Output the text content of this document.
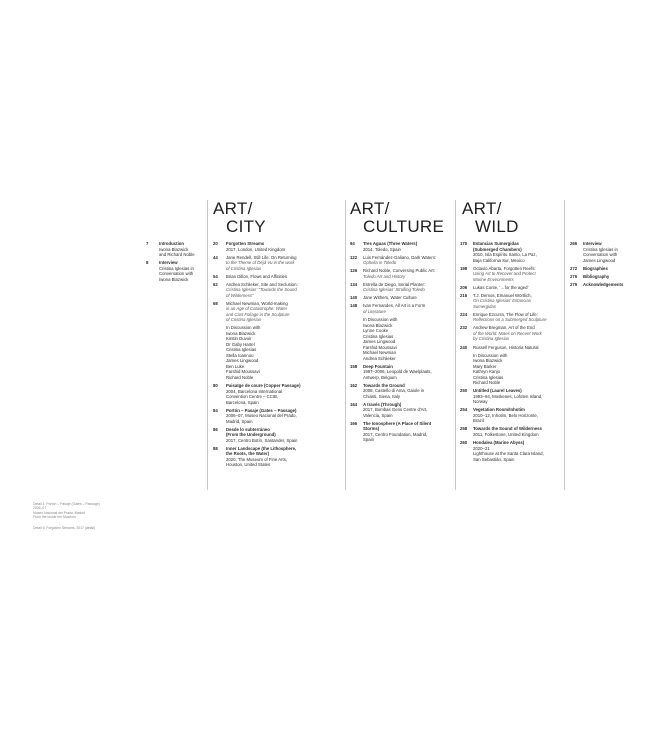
ART/
CITY
ART/
CULTURE
ART/
WILD
7	Introduction
Iwona Blazwick
and Richard Noble
8	Interview
Cristina Iglesias in
Conversation with
Iwona Blazwick
20	Forgotten Streams
2017, London, United Kingdom
44	Jane Rendell, Still Life. On Returning
to the Theme of Déjà Vu in the work
of Cristina Iglesias
54	Brian Dillon, Flows and Affinities
62	Andrea Schlieker, Site and Seclusion:
Cristina Iglesias' "Towards the Sound
of Wilderness"
68	Michael Newman, World-making
in an Age of Catastrophe: Water
and Cast Foliage in the Sculpture
of Cristina Iglesias
In Discussion with
Iwona Blazwick
Kirstin Duvoir
Dr Gaby Hartel
Cristina Iglesias
Stella Ioannou
James Lingwood
Ben Luke
Farshid Moussavi
Richard Noble
80	Paisatge de coure (Copper Passage)
2004, Barcelona International
Convention Centre – CCIB,
Barcelona, Spain
84	Portón – Pasaje (Gates – Passage)
2006–07, Museo Nacional del Prado,
Madrid, Spain
86	Desde lo subterráneo
(From the Underground)
2017, Centro Botín, Santander, Spain
88	Inner Landscape (the Lithosphere,
the Roots, the Water)
2020, The Museum of Fine Arts,
Houston, United States
94	Tres Aguas (Three Waters)
2014, Toledo, Spain
122	Luis Fernández-Galiano, Dark Waters:
Ophelia in Toledo
126	Richard Noble, Conversing Public Art:
Toledo Art and History
134	Estrella de Diego, Serial Planter:
Cristina Iglesias' Strolling Toledo
140	Jane Withers, Water Culture
148	Ivan Fernandes, All Art is a Form
of Literature
In Discussion with
Iwona Blazwick
Lynne Cooke
Cristina Iglesias
James Lingwood
Farshid Moussavi
Michael Newman
Andrea Schlieker
158	Deep Fountain
1997–2006, Leopold de Waelplaats,
Antwerp, Belgium
162	Towards the Ground
2008, Castello di Ama, Gaiole in
Chianti, Siena, Italy
164	A través (Through)
2017, Bombas Gens Centre d'Art,
Valencia, Spain
166	The Ionosphere (A Place of Silent
Storms)
2017, Centro Foundation, Madrid,
Spain
170	Estancias Sumergidas
(Submerged Chambers)
2010, Isla Espíritu Santo, La Paz,
Baja California Sur, Mexico
198	Octavio Abarta, Forgotten Reefs:
Using Art to Recover and Protect
Marine Environments
206	Lukas Conte, '…for the aged'
216	T.J. Demos, Emanuel Wörtlich,
On Cristina Iglesias' Estancias
Sumergidas
224	Enrique Ezcurra, The Flow of Life:
Reflections on a Submerged Sculpture
232	Andrew Bregman, Art of the End
of the World: Notes on Recent Work
by Cristina Iglesias
240	Russell Ferguson, Historia Natural
In Discussion with
Iwona Blazwick
Mary Barker
Kathryn Kanjo
Cristina Iglesias
Richard Noble
250	Untitled (Laurel Leaves)
1993–94, Moskenes, Lofoten Island,
Norway
254	Vegetation Room/Inhotim
2010–12, Inhotim, Belo Horizonte,
Brazil
258	Towards the Sound of Wilderness
2011, Folkestone, United Kingdom
260	Hondalea (Marine Abyss)
2020–21
Lighthouse at the Santa Clara Island,
San Sebastián, Spain
266	Interview
Cristina Iglesias in
Conversation with
James Lingwood
272	Biographies
276	Bibliography
279	Acknowledgements
Detail 1: Portón – Pasaje (Gates – Passage)
2006–07
Museo Nacional del Prado, Madrid
From the inside the Museum
Detail 6: Forgotten Streams, 2017 (detail)
